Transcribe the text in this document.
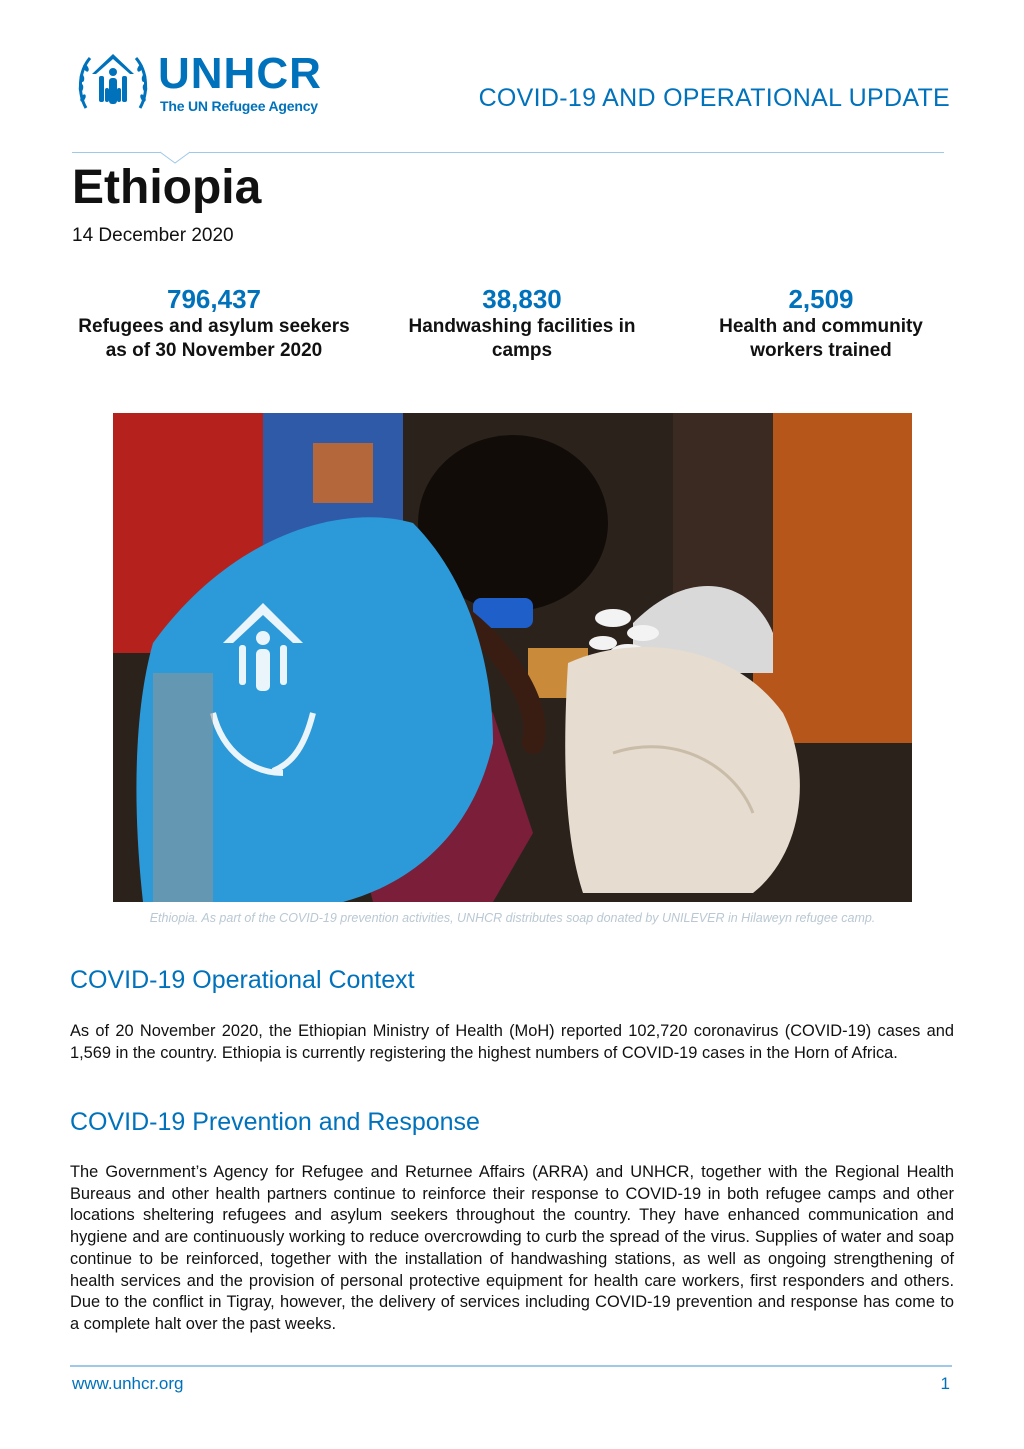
UNHCR
The UN Refugee Agency	COVID-19 AND OPERATIONAL UPDATE
Ethiopia
14 December 2020
796,437
Refugees and asylum seekers as of 30 November 2020
38,830
Handwashing facilities in camps
2,509
Health and community workers trained
Ethiopia. As part of the COVID-19 prevention activities, UNHCR distributes soap donated by UNILEVER in Hilaweyn refugee camp.
COVID-19 Operational Context
As of 20 November 2020, the Ethiopian Ministry of Health (MoH) reported 102,720 coronavirus (COVID-19) cases and 1,569 in the country. Ethiopia is currently registering the highest numbers of COVID-19 cases in the Horn of Africa.
COVID-19 Prevention and Response
The Government’s Agency for Refugee and Returnee Affairs (ARRA) and UNHCR, together with the Regional Health Bureaus and other health partners continue to reinforce their response to COVID-19 in both refugee camps and other locations sheltering refugees and asylum seekers throughout the country. They have enhanced communication and hygiene and are continuously working to reduce overcrowding to curb the spread of the virus. Supplies of water and soap continue to be reinforced, together with the installation of handwashing stations, as well as ongoing strengthening of health services and the provision of personal protective equipment for health care workers, first responders and others. Due to the conflict in Tigray, however, the delivery of services including COVID-19 prevention and response has come to a complete halt over the past weeks.
www.unhcr.org	1
